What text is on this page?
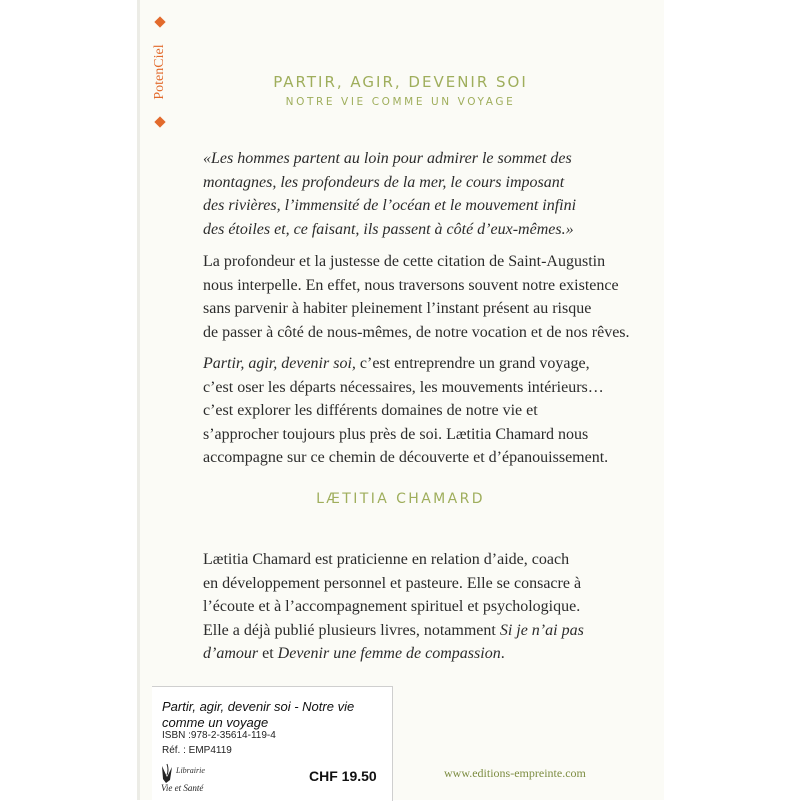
PotenCiel	PARTIR, AGIR, DEVENIR SOI
NOTRE VIE COMME UN VOYAGE
«Les hommes partent au loin pour admirer le sommet des
montagnes, les profondeurs de la mer, le cours imposant
des rivières, l’immensité de l’océan et le mouvement infini
des étoiles et, ce faisant, ils passent à côté d’eux-mêmes.»
La profondeur et la justesse de cette citation de Saint-Augustin
nous interpelle. En effet, nous traversons souvent notre existence
sans parvenir à habiter pleinement l’instant présent au risque
de passer à côté de nous-mêmes, de notre vocation et de nos rêves.
Partir, agir, devenir soi, c’est entreprendre un grand voyage,
c’est oser les départs nécessaires, les mouvements intérieurs…
c’est explorer les différents domaines de notre vie et
s’approcher toujours plus près de soi. Lætitia Chamard nous
accompagne sur ce chemin de découverte et d’épanouissement.
LÆTITIA CHAMARD
Lætitia Chamard est praticienne en relation d’aide, coach
en développement personnel et pasteure. Elle se consacre à
l’écoute et à l’accompagnement spirituel et psychologique.
Elle a déjà publié plusieurs livres, notamment Si je n’ai pas
d’amour et Devenir une femme de compassion.
Partir, agir, devenir soi - Notre vie comme un voyage
ISBN :978-2-35614-119-4
Réf. : EMP4119
Librairie
Vie et Santé
CHF 19.50	www.editions-empreinte.com
